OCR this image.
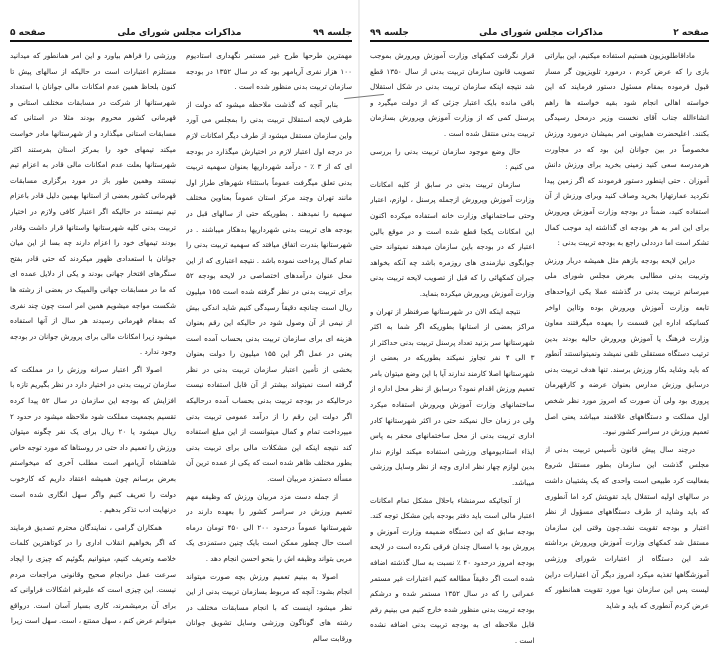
صفحه ۲
مذاکرات مجلس شورای ملی
جلسه ۹۹

ماداقاطلویزیون هستیم استفاده میکنیم، این بیاراتی بازی را که عرض کردم ، درمورد تلویزیون گر مسار قبول فرموده بمقام مسئول دستور فرمایند که این خواسته اهالی انجام شود بقیه خواسته ها راهم انشاءالله جناب آقای نخست وزیر درمحل رسیدگی بکنند. اعلیحضرت همایونی امر بمیشان درمورد ورزش مخصوصاً در بین جوانان این بود که در مجاورت هرمدرسه سعی کنید زمینی بخرید برای ورزش دانش آموزان . حتی اینطور دستور فرمودند که اگر زمین پیدا نکردید عمارتهارا بخرید وصاف کنید وبرای ورزش از آن استفاده کنید، ضمناً در بودجه وزارت آموزش وپرورش برای این امر به هر بودجه ای گذاشته اید موجب کمال تشکر است اما درددلی راجع به بودجه تربیت بدنی :

دراین لایحه بودجه بازهم مثل همیشه دربار ورزش وتربیت بدنی مطالبی بعرض مجلس شورای ملی میرسانم تربیت بدنی در گذشته عملا یکی ازواحدهای تابعه وزارت آموزش وپرورش بوده وتااین اواخر کسانیکه اداره این قسمت را بعهده میگرفتند معاون وزارت فرهنگ یا آموزش وپرورش حالیه بودند بدین ترتیب دستگاه مستقلی تلقی نمیشد ونمیتوانستند آنطور که باید وشاید بکار ورزش برسند. تنها هدف تربیت بدنی درسابق ورزش مدارس بعنوان عرضه و کارقهرمان پروری بود ولی آن صورت که امروز مورد نظر شخص اول مملکت و دستگاههای علاقمند میباشد یعنی اصل تعمیم ورزش در سراسر کشور نبود.

درچند سال پیش قانون تأسیس تربیت بدنی از مجلس گذشت این سازمان بطور مستقل شروع بفعالیت کرد طبیعی است واحدی که یک پشتیبان داشت در سالهای اولیه استقلال باید تقویتش کرد اما آنطوری که باید وشاید از طرف دستگاههای مسؤول از نظر اعتبار و بودجه تقویت نشد.چون وقتی این سازمان مستقل شد کمکهای وزارت آموزش وپرورش برداشته شد این دستگاه از اعتبارات شورای ورزشی آموزشگاهها تغذیه میکرد امروز دیگر آن اعتبارات دراین لیست پس این سازمان نوپا مورد تقویت همانطور که عرض کردم آنطوری که باید و شاید

قرار نگرفت کمکهای وزارت آموزش وپرورش بموجب تصویب قانون سازمان تربیت بدنی از سال ۱۳۵۰ قطع شد نتیجه اینکه سازمان تربیت بدنی در شکل استقلال باقی مانده بایک اعتبار جزئی که از دولت میگیرد و پرسنل کمی که از وزارت آموزش وپرورش بسازمان تربیت بدنی منتقل شده است .

حال وضع موجود سازمان تربیت بدنی را بررسی می کنیم :

سازمان تربیت بدنی در سابق از کلیه امکانات وزارت آموزش وپرورش ازجمله پرسنل ، لوازم، اعتبار وحتی ساختمانهای وزارت خانه استفاده میکرده اکنون این امکانات یکجا قطع شده است و در موقع بالین اعتبار که در بودجه باین سازمان میدهند نمیتواند حتی جوابگوی نیازمندی های روزمره باشد چه آنکه بخواهد جبران کمکهائی را که قبل از تصویب لایحه تربیت بدنی وزارت آموزش وپرورش میکرده بنماید.

نتیجه اینکه الان در شهرستانها صرفنظر از تهران و مراکز بعضی از استانها بطوریکه اگر شما به اکثر شهرستانها سر بزنید تعداد پرسنل تربیت بدنی حداکثر از ۳ الی ۴ نفر تجاوز نمیکند بطوریکه در بعضی از شهرستانها اصلا کارمند ندارند آیا با این وضع میتوان بامر تعمیم ورزش اقدام نمود؟ درسابق از نظر محل اداره از ساختمانهای وزارت آموزش وپرورش استفاده میکرد ولی در زمان حال نمیکند حتی در اکثر شهرستانها کادر اداری تربیت بدنی از محل ساختمانهای محقر به پاس ایذاء استادیومهای ورزشی استفاده میکند لوازم ندار بدین لوازم چهار نظر اداری وچه از نظر وسایل ورزشی میباشد.

از آنجائیکه سرمنشاء باحلال مشکل تمام امکانات اعتبار مالی است باید دفتر بودجه باین مشکل توجه کند. بودجه سابق که این دستگاه ضمیمه وزارت آموزش و پرورش بود با امسال چندان فرقی نکرده است در لایحه بودجه امروز درحدود ۴۰ ٪ نسبت به سال گذشته اضافه شده است اگر دقیقاً مطالعه کنیم اعتبارات غیر مستمر عمرانی را که در سال ۱۳۵۲ مستمر شده و درشکم بودجه تربیت بدنی منظور شده خارج کنیم می بینیم رقم قابل ملاحظه ای به بودجه تربیت بدنی اضافه نشده است .

جلسه ۹۹
مذاکرات مجلس شورای ملی
صفحه ۵

مهمترین طرحها طرح غیر مستمر نگهداری استادیوم ۱۰۰ هزار نفری آریامهر بود که در سال ۱۳۵۲ در بودجه سازمان تربیت بدنی منظور شده است .

بنابر آنچه که گذشت ملاحظه میشود که دولت از طرفی لایحه استقلال تربیت بدنی را بمجلس می آورد واین سازمان مستقل میشود از طرف دیگر امکانات لازم در درجه اول اعتبار لازم در اختیارش میگذارد در بودجه ای که از ۳ ٪ - درآمد شهرداریها بعنوان سهمیه تربیت بدنی تعلق میگرفت عموماً باستثناء شهرهای طراز اول مانند تهران وچند مرکز استان عموماً بعناوین مختلف سهمیه را نمیدهند . بطوریکه حتی از سالهای قبل در بودجه های تربیت بدنی شهرداریها بدهکار میباشند . در شهرستانها بندرت اتفاق میافتد که سهمیه تربیت بدنی را تمام کمال پرداخت نموده باشد . نتیجه اعتباری که از این محل عنوان درآمدهای اختصاصی در لایحه بودجه ۵۲ برای تربیت بدنی در نظر گرفته شده است ۱۵۵ میلیون ریال است چنانچه دقیقاً رسیدگی کنیم شاید اندکی بیش از نیمی از آن وصول شود در حالیکه این رقم بعنوان هزینه ای برای سازمان تربیت بدنی بحساب آمده است یعنی در عمل اگر این ۱۵۵ میلیون را دولت بعنوان بخشی از تأمین اعتبار سازمان تربیت بدنی در نظر گرفته است نمیتواند بیشتر از آن قابل استفاده نیست درحالیکه در بودجه تربیت بدنی بحساب آمده درحالیکه اگر دولت این رقم را از درآمد عمومی تربیت بدنی میپرداخت تمام و کمال میتوانست از این مبلغ استفاده کند نتیجه اینکه این مشکلات مالی برای تربیت بدنی بطور مختلف ظاهر شده است که یکی از عمده ترین آن مسأله دستمزد مربیان است.

از جمله دست مزد مربیان ورزش که وظیفه مهم تعمیم ورزش در سراسر کشور را بعهده دارند در شهرستانها عموماً درحدود ۲۰۰ الی ۴۵۰ تومان درماه است حال چطور ممکن است بایک چنین دستمزدی یک مربی بتواند وظیفه اش را بنحو احسن انجام دهد .

اصولا به بینیم تعمیم ورزش بچه صورت میتواند انجام بشود: آنچه که مربوط بسازمان تربیت بدنی از این نظر میشود اینست که با انجام مسابقات مختلف در رشته های گوناگون ورزشی وسایل تشویق جوانان ورقابت سالم

ورزشی را فراهم بیاورد و این امر همانطور که میدانید مستلزم اعتبارات است در حالیکه از سالهای پیش تا کنون بلحاظ همین عدم امکانات مالی جوانان با استعداد شهرستانها از شرکت در مسابقات مختلف استانی و قهرمانی کشور محروم بودند مثلا در استانی که مسابقات استانی میگذارد و از شهرستانها مادر خواست میکند تیمهای خود را بمرکز استان بفرستند اکثر شهرستانها بعلت عدم امکانات مالی قادر به اعزام تیم نیستند وهمین طور باز در مورد برگزاری مسابقات قهرمانی کشور بعضی از استانها بهمین دلیل قادر باعزام تیم نیستند در حالیکه اگر اعتبار کافی ولازم در اختیار تربیت بدنی کلیه شهرستانها واستانها قرار داشت وقادر بودند تیمهای خود را اعزام دارند چه بسا از این میان جوانان با استعدادی ظهور میکردند که حتی قادر بفتح سنگرهای افتخار جهانی بودند و یکی از دلایل عمده ای که ما در مسابقات جهانی والمپیک در بعضی از رشته ها شکست مواجه میشویم همین امر است چون چند نفری که بمقام قهرمانی رسیدند هر سال از آنها استفاده میشود زیرا امکانات مالی برای پرورش جوانان در بودجه وجود ندارد .

اصولا اگر اعتبار سرانه ورزش را در مملکت که سازمان تربیت بدنی در اختیار دارد در نظر بگیریم تازه با افزایش که بودجه این سازمان در سال ۵۲ پیدا کرده تقسیم بجمعیت مملکت شود ملاحظه میشود در حدود ۲ ریال میشود یا ۲۰ ریال برای یک نفر چگونه میتوان ورزش را تعمیم داد حتی در روستاها که مورد توجه خاص شاهنشاه آریامهر است مطلب آخری که میخواستم بعرض برسانم چون همیشه اعتقاد داریم که کارخوب دولت را تعریف کنیم واگر سهل انگاری شده است درنهایت ادب تذکر بدهیم .

همکاران گرامی ، نمایندگان محترم تصدیق فرمایند که اگر بخواهیم انقلاب اداری را در کوتاهترین کلمات خلاصه وتعریف کنیم، میتوانیم بگوئیم که چیزی را ایجاد سرعت عمل درانجام صحیح وقانونی مراجعات مردم نیست. این چیزی است که علیرغم اشکالات فراوانی که برای آن برمیشمرند، کاری بسیار آسان است. درواقع میتوانم عرض کنم ، سهل ممتنع ، است. سهل است زیرا
